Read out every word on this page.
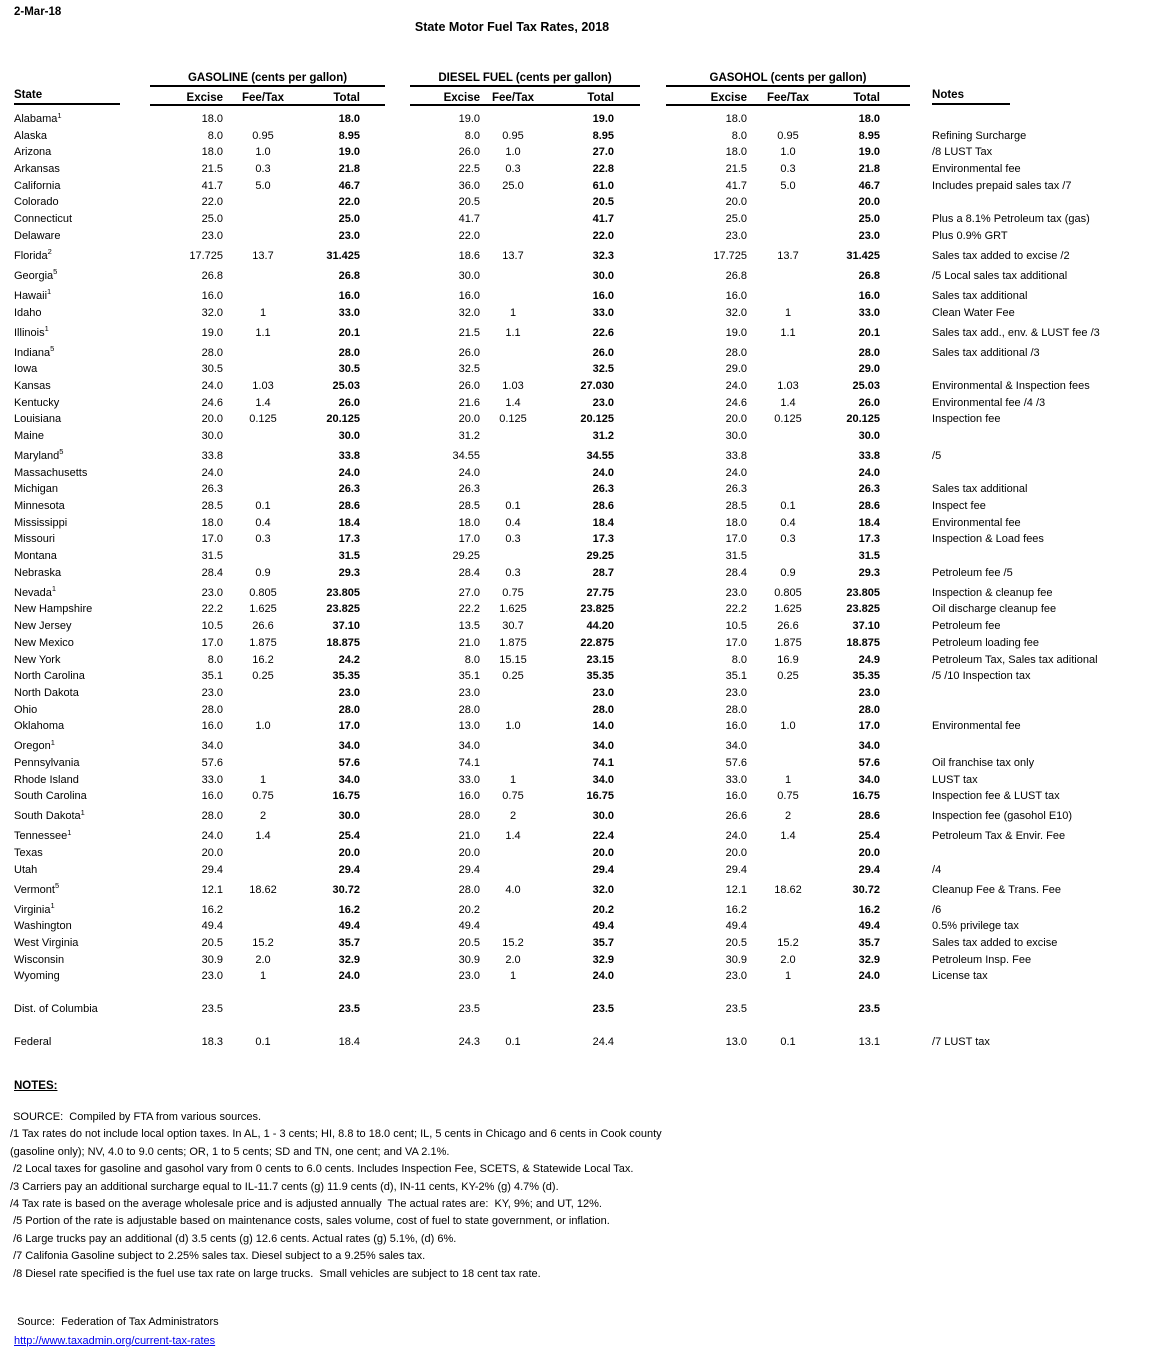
2-Mar-18
State Motor Fuel Tax Rates, 2018
	GASOLINE (cents per gallon)				DIESEL FUEL (cents per gallon)				GASOHOL (cents per gallon)				
State	Excise	Fee/Tax	Total		Excise	Fee/Tax	Total		Excise	Fee/Tax	Total		Notes
Alabama$^1$	18.0		18.0		19.0		19.0		18.0		18.0		
Alaska	8.0	0.95	8.95		8.0	0.95	8.95		8.0	0.95	8.95		Refining Surcharge
Arizona	18.0	1.0	19.0		26.0	1.0	27.0		18.0	1.0	19.0		/8 LUST Tax
Arkansas	21.5	0.3	21.8		22.5	0.3	22.8		21.5	0.3	21.8		Environmental fee
California	41.7	5.0	46.7		36.0	25.0	61.0		41.7	5.0	46.7		Includes prepaid sales tax /7
Colorado	22.0		22.0		20.5		20.5		20.0		20.0		
Connecticut	25.0		25.0		41.7		41.7		25.0		25.0		Plus a 8.1% Petroleum tax (gas)
Delaware	23.0		23.0		22.0		22.0		23.0		23.0		Plus 0.9% GRT
Florida$^2$	17.725	13.7	31.425		18.6	13.7	32.3		17.725	13.7	31.425		Sales tax added to excise /2
Georgia$^5$	26.8		26.8		30.0		30.0		26.8		26.8		/5 Local sales tax additional
Hawaii$^1$	16.0		16.0		16.0		16.0		16.0		16.0		Sales tax additional
Idaho	32.0	1	33.0		32.0	1	33.0		32.0	1	33.0		Clean Water Fee
Illinois$^1$	19.0	1.1	20.1		21.5	1.1	22.6		19.0	1.1	20.1		Sales tax add., env. & LUST fee /3
Indiana$^5$	28.0		28.0		26.0		26.0		28.0		28.0		Sales tax additional /3
Iowa	30.5		30.5		32.5		32.5		29.0		29.0		
Kansas	24.0	1.03	25.03		26.0	1.03	27.030		24.0	1.03	25.03		Environmental & Inspection fees
Kentucky	24.6	1.4	26.0		21.6	1.4	23.0		24.6	1.4	26.0		Environmental fee /4 /3
Louisiana	20.0	0.125	20.125		20.0	0.125	20.125		20.0	0.125	20.125		Inspection fee
Maine	30.0		30.0		31.2		31.2		30.0		30.0		
Maryland$^5$	33.8		33.8		34.55		34.55		33.8		33.8		/5
Massachusetts	24.0		24.0		24.0		24.0		24.0		24.0		
Michigan	26.3		26.3		26.3		26.3		26.3		26.3		Sales tax additional
Minnesota	28.5	0.1	28.6		28.5	0.1	28.6		28.5	0.1	28.6		Inspect fee
Mississippi	18.0	0.4	18.4		18.0	0.4	18.4		18.0	0.4	18.4		Environmental fee
Missouri	17.0	0.3	17.3		17.0	0.3	17.3		17.0	0.3	17.3		Inspection & Load fees
Montana	31.5		31.5		29.25		29.25		31.5		31.5		
Nebraska	28.4	0.9	29.3		28.4	0.3	28.7		28.4	0.9	29.3		Petroleum fee /5
Nevada$^1$	23.0	0.805	23.805		27.0	0.75	27.75		23.0	0.805	23.805		Inspection & cleanup fee
New Hampshire	22.2	1.625	23.825		22.2	1.625	23.825		22.2	1.625	23.825		Oil discharge cleanup fee
New Jersey	10.5	26.6	37.10		13.5	30.7	44.20		10.5	26.6	37.10		Petroleum fee
New Mexico	17.0	1.875	18.875		21.0	1.875	22.875		17.0	1.875	18.875		Petroleum loading fee
New York	8.0	16.2	24.2		8.0	15.15	23.15		8.0	16.9	24.9		Petroleum Tax, Sales tax aditional
North Carolina	35.1	0.25	35.35		35.1	0.25	35.35		35.1	0.25	35.35		/5 /10 Inspection tax
North Dakota	23.0		23.0		23.0		23.0		23.0		23.0		
Ohio	28.0		28.0		28.0		28.0		28.0		28.0		
Oklahoma	16.0	1.0	17.0		13.0	1.0	14.0		16.0	1.0	17.0		Environmental fee
Oregon$^1$	34.0		34.0		34.0		34.0		34.0		34.0		
Pennsylvania	57.6		57.6		74.1		74.1		57.6		57.6		Oil franchise tax only
Rhode Island	33.0	1	34.0		33.0	1	34.0		33.0	1	34.0		LUST tax
South Carolina	16.0	0.75	16.75		16.0	0.75	16.75		16.0	0.75	16.75		Inspection fee & LUST tax
South Dakota$^1$	28.0	2	30.0		28.0	2	30.0		26.6	2	28.6		Inspection fee (gasohol E10)
Tennessee$^1$	24.0	1.4	25.4		21.0	1.4	22.4		24.0	1.4	25.4		Petroleum Tax & Envir. Fee
Texas	20.0		20.0		20.0		20.0		20.0		20.0		
Utah	29.4		29.4		29.4		29.4		29.4		29.4		/4
Vermont$^5$	12.1	18.62	30.72		28.0	4.0	32.0		12.1	18.62	30.72		Cleanup Fee & Trans. Fee
Virginia$^1$	16.2		16.2		20.2		20.2		16.2		16.2		/6
Washington	49.4		49.4		49.4		49.4		49.4		49.4		0.5% privilege tax
West Virginia	20.5	15.2	35.7		20.5	15.2	35.7		20.5	15.2	35.7		Sales tax added to excise
Wisconsin	30.9	2.0	32.9		30.9	2.0	32.9		30.9	2.0	32.9		Petroleum Insp. Fee
Wyoming	23.0	1	24.0		23.0	1	24.0		23.0	1	24.0		License tax

Dist. of Columbia	23.5		23.5		23.5		23.5		23.5		23.5		

Federal	18.3	0.1	18.4		24.3	0.1	24.4		13.0	0.1	13.1		/7 LUST tax
NOTES:
SOURCE:  Compiled by FTA from various sources.
/1 Tax rates do not include local option taxes. In AL, 1 - 3 cents; HI, 8.8 to 18.0 cent; IL, 5 cents in Chicago and 6 cents in Cook county
(gasoline only); NV, 4.0 to 9.0 cents; OR, 1 to 5 cents; SD and TN, one cent; and VA 2.1%.
/2 Local taxes for gasoline and gasohol vary from 0 cents to 6.0 cents. Includes Inspection Fee, SCETS, & Statewide Local Tax.
/3 Carriers pay an additional surcharge equal to IL-11.7 cents (g) 11.9 cents (d), IN-11 cents, KY-2% (g) 4.7% (d).
/4 Tax rate is based on the average wholesale price and is adjusted annually  The actual rates are:  KY, 9%; and UT, 12%.
/5 Portion of the rate is adjustable based on maintenance costs, sales volume, cost of fuel to state government, or inflation.
/6 Large trucks pay an additional (d) 3.5 cents (g) 12.6 cents. Actual rates (g) 5.1%, (d) 6%.
/7 Califonia Gasoline subject to 2.25% sales tax. Diesel subject to a 9.25% sales tax.
/8 Diesel rate specified is the fuel use tax rate on large trucks.  Small vehicles are subject to 18 cent tax rate.
Source:  Federation of Tax Administrators
http://www.taxadmin.org/current-tax-rates
